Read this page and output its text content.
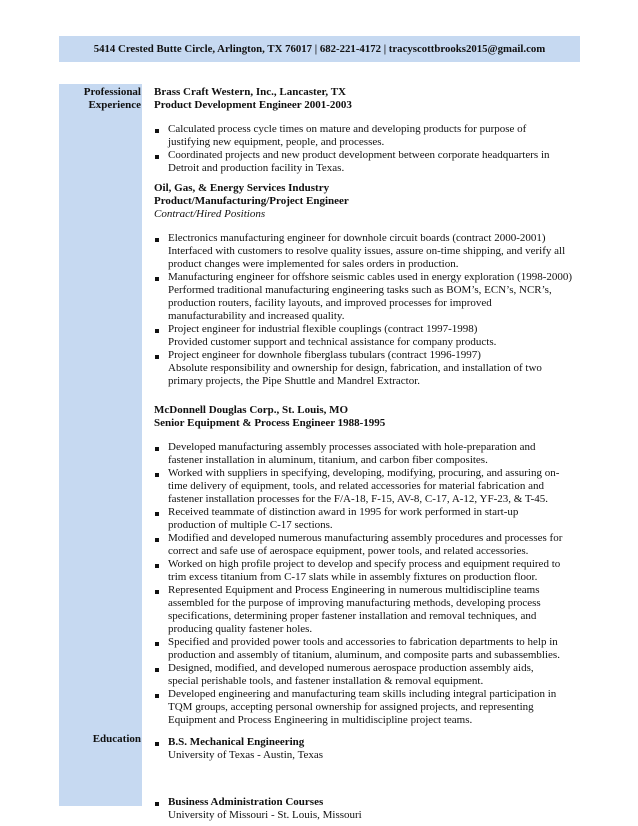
5414 Crested Butte Circle, Arlington, TX 76017 | 682-221-4172 | tracyscottbrooks2015@gmail.com
Professional
Experience
Education
Brass Craft Western, Inc., Lancaster, TX
Product Development Engineer 2001-2003
Calculated process cycle times on mature and developing products for purpose of
justifying new equipment, people, and processes.
Coordinated projects and new product development between corporate headquarters in
Detroit and production facility in Texas.
Oil, Gas, & Energy Services Industry
Product/Manufacturing/Project Engineer
Contract/Hired Positions
Electronics manufacturing engineer for downhole circuit boards (contract 2000-2001)
Interfaced with customers to resolve quality issues, assure on-time shipping, and verify all
product changes were implemented for sales orders in production.
Manufacturing engineer for offshore seismic cables used in energy exploration (1998-2000)
Performed traditional manufacturing engineering tasks such as BOM’s, ECN’s, NCR’s,
production routers, facility layouts, and improved processes for improved
manufacturability and increased quality.
Project engineer for industrial flexible couplings (contract 1997-1998)
Provided customer support and technical assistance for company products.
Project engineer for downhole fiberglass tubulars (contract 1996-1997)
Absolute responsibility and ownership for design, fabrication, and installation of two
primary projects, the Pipe Shuttle and Mandrel Extractor.
McDonnell Douglas Corp., St. Louis, MO
Senior Equipment & Process Engineer 1988-1995
Developed manufacturing assembly processes associated with hole-preparation and
fastener installation in aluminum, titanium, and carbon fiber composites.
Worked with suppliers in specifying, developing, modifying, procuring, and assuring on-
time delivery of equipment, tools, and related accessories for material fabrication and
fastener installation processes for the F/A-18, F-15, AV-8, C-17, A-12, YF-23, & T-45.
Received teammate of distinction award in 1995 for work performed in start-up
production of multiple C-17 sections.
Modified and developed numerous manufacturing assembly procedures and processes for
correct and safe use of aerospace equipment, power tools, and related accessories.
Worked on high profile project to develop and specify process and equipment required to
trim excess titanium from C-17 slats while in assembly fixtures on production floor.
Represented Equipment and Process Engineering in numerous multidiscipline teams
assembled for the purpose of improving manufacturing methods, developing process
specifications, determining proper fastener installation and removal techniques, and
producing quality fastener holes.
Specified and provided power tools and accessories to fabrication departments to help in
production and assembly of titanium, aluminum, and composite parts and subassemblies.
Designed, modified, and developed numerous aerospace production assembly aids,
special perishable tools, and fastener installation & removal equipment.
Developed engineering and manufacturing team skills including integral participation in
TQM groups, accepting personal ownership for assigned projects, and representing
Equipment and Process Engineering in multidiscipline project teams.
B.S. Mechanical Engineering
University of Texas - Austin, Texas
Business Administration Courses
University of Missouri - St. Louis, Missouri
